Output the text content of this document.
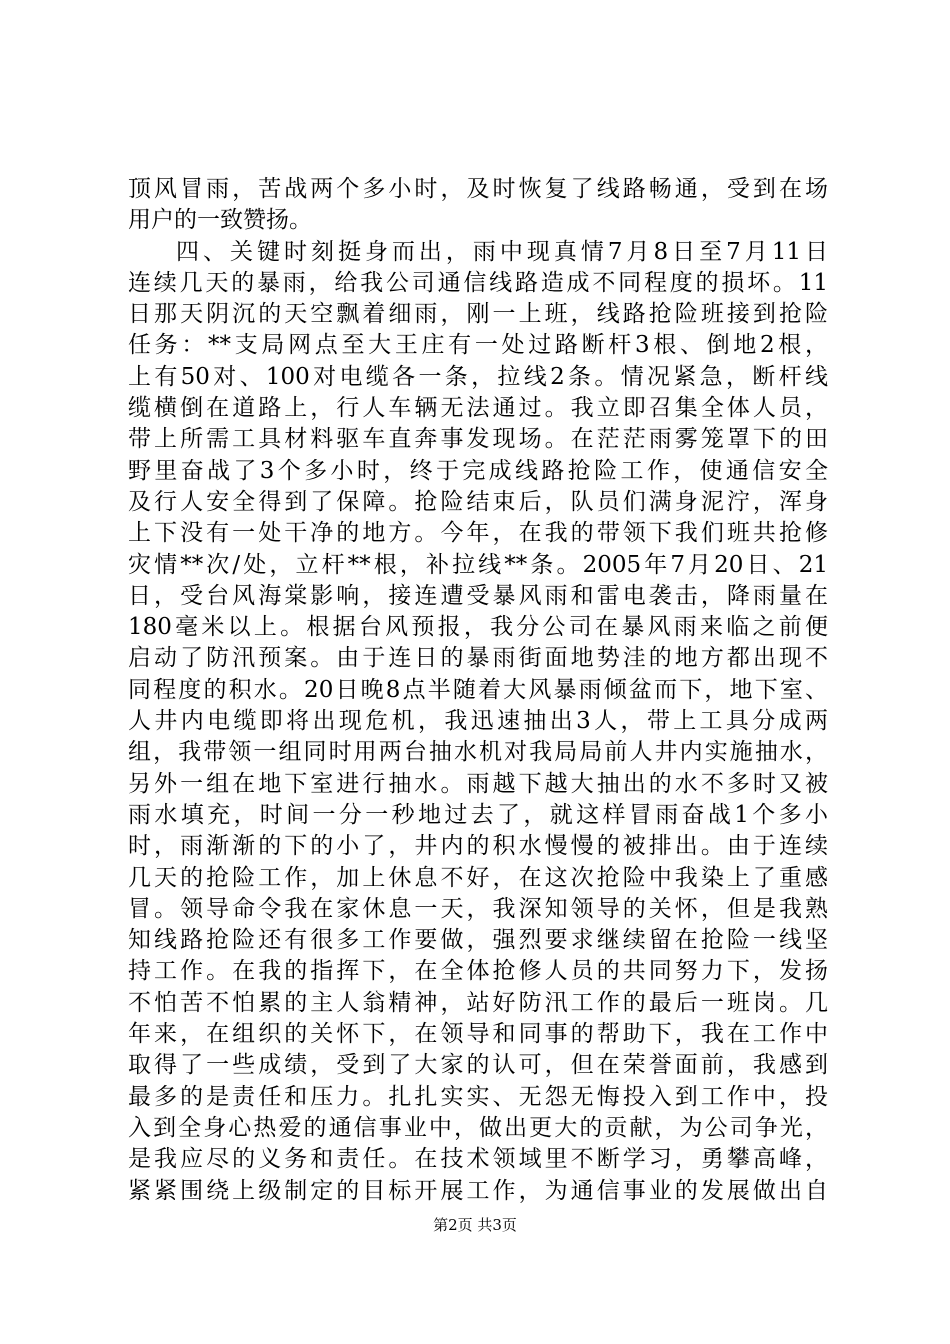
顶风冒雨，苦战两个多小时，及时恢复了线路畅通，受到在场
用户的一致赞扬。
四、关键时刻挺身而出，雨中现真情7月8日至7月11日
连续几天的暴雨，给我公司通信线路造成不同程度的损坏。11
日那天阴沉的天空飘着细雨，刚一上班，线路抢险班接到抢险
任务：**支局网点至大王庄有一处过路断杆3根、倒地2根，
上有50对、100对电缆各一条，拉线2条。情况紧急，断杆线
缆横倒在道路上，行人车辆无法通过。我立即召集全体人员，
带上所需工具材料驱车直奔事发现场。在茫茫雨雾笼罩下的田
野里奋战了3个多小时，终于完成线路抢险工作，使通信安全
及行人安全得到了保障。抢险结束后，队员们满身泥泞，浑身
上下没有一处干净的地方。今年，在我的带领下我们班共抢修
灾情**次/处，立杆**根，补拉线**条。2005年7月20日、21
日，受台风海棠影响，接连遭受暴风雨和雷电袭击，降雨量在
180毫米以上。根据台风预报，我分公司在暴风雨来临之前便
启动了防汛预案。由于连日的暴雨街面地势洼的地方都出现不
同程度的积水。20日晚8点半随着大风暴雨倾盆而下，地下室、
人井内电缆即将出现危机，我迅速抽出3人，带上工具分成两
组，我带领一组同时用两台抽水机对我局局前人井内实施抽水，
另外一组在地下室进行抽水。雨越下越大抽出的水不多时又被
雨水填充，时间一分一秒地过去了，就这样冒雨奋战1个多小
时，雨渐渐的下的小了，井内的积水慢慢的被排出。由于连续
几天的抢险工作，加上休息不好，在这次抢险中我染上了重感
冒。领导命令我在家休息一天，我深知领导的关怀，但是我熟
知线路抢险还有很多工作要做，强烈要求继续留在抢险一线坚
持工作。在我的指挥下，在全体抢修人员的共同努力下，发扬
不怕苦不怕累的主人翁精神，站好防汛工作的最后一班岗。几
年来，在组织的关怀下，在领导和同事的帮助下，我在工作中
取得了一些成绩，受到了大家的认可，但在荣誉面前，我感到
最多的是责任和压力。扎扎实实、无怨无悔投入到工作中，投
入到全身心热爱的通信事业中，做出更大的贡献，为公司争光，
是我应尽的义务和责任。在技术领域里不断学习，勇攀高峰，
紧紧围绕上级制定的目标开展工作，为通信事业的发展做出自
第2页 共3页
